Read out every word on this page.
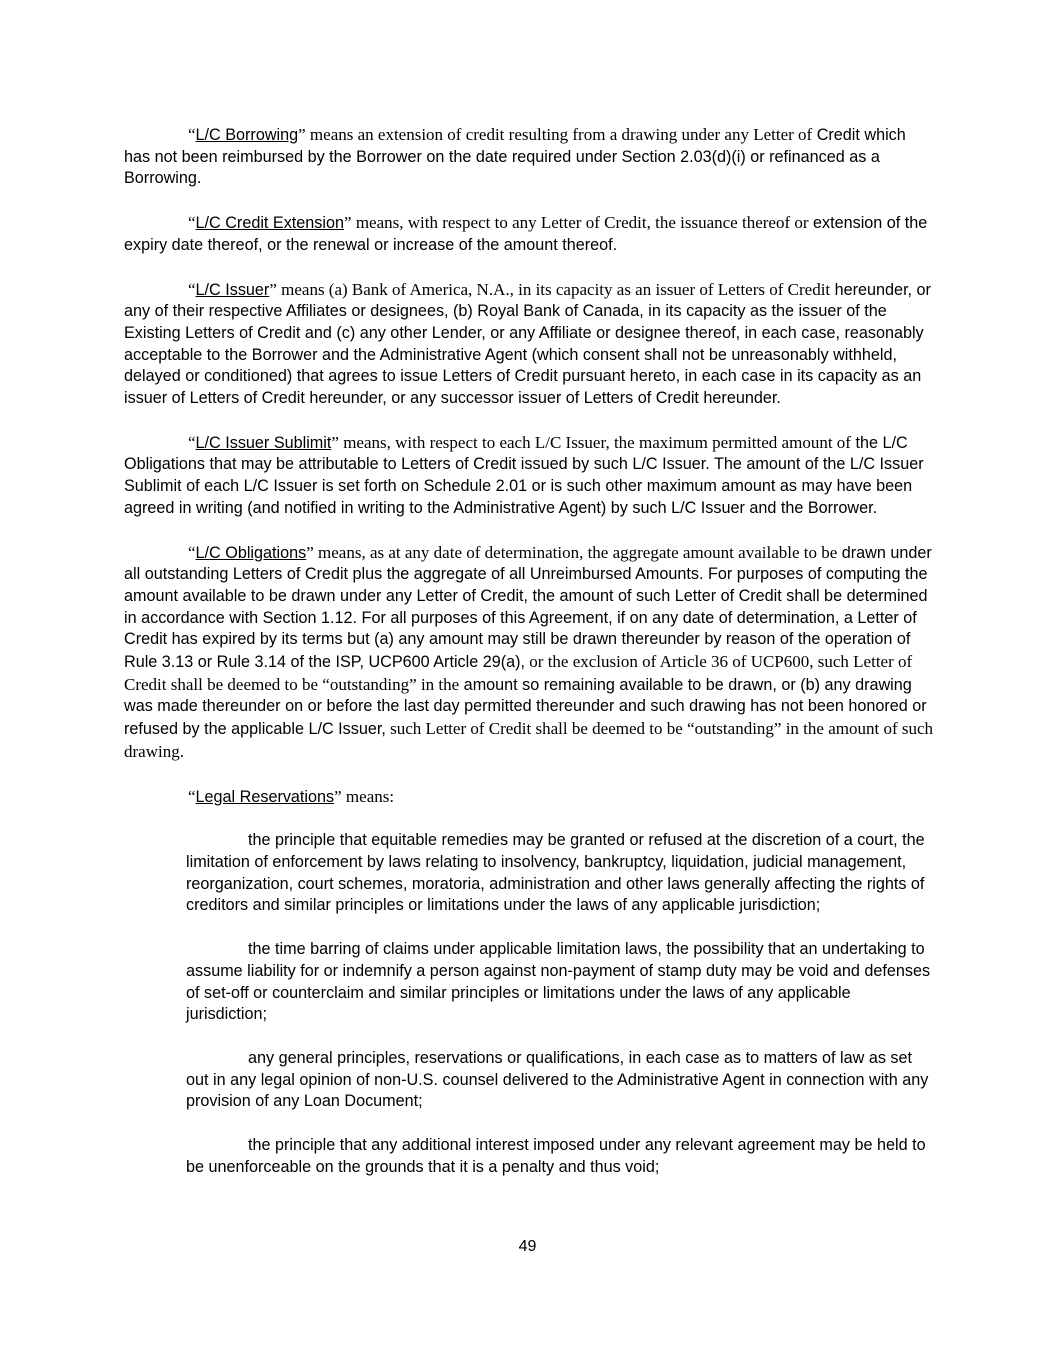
“L/C Borrowing” means an extension of credit resulting from a drawing under any Letter of Credit which has not been reimbursed by the Borrower on the date required under Section 2.03(d)(i) or refinanced as a Borrowing.

“L/C Credit Extension” means, with respect to any Letter of Credit, the issuance thereof or extension of the expiry date thereof, or the renewal or increase of the amount thereof.

“L/C Issuer” means (a) Bank of America, N.A., in its capacity as an issuer of Letters of Credit hereunder, or any of their respective Affiliates or designees, (b) Royal Bank of Canada, in its capacity as the issuer of the Existing Letters of Credit and (c) any other Lender, or any Affiliate or designee thereof, in each case, reasonably acceptable to the Borrower and the Administrative Agent (which consent shall not be unreasonably withheld, delayed or conditioned) that agrees to issue Letters of Credit pursuant hereto, in each case in its capacity as an issuer of Letters of Credit hereunder, or any successor issuer of Letters of Credit hereunder.

“L/C Issuer Sublimit” means, with respect to each L/C Issuer, the maximum permitted amount of the L/C Obligations that may be attributable to Letters of Credit issued by such L/C Issuer. The amount of the L/C Issuer Sublimit of each L/C Issuer is set forth on Schedule 2.01 or is such other maximum amount as may have been agreed in writing (and notified in writing to the Administrative Agent) by such L/C Issuer and the Borrower.

“L/C Obligations” means, as at any date of determination, the aggregate amount available to be drawn under all outstanding Letters of Credit plus the aggregate of all Unreimbursed Amounts. For purposes of computing the amount available to be drawn under any Letter of Credit, the amount of such Letter of Credit shall be determined in accordance with Section 1.12. For all purposes of this Agreement, if on any date of determination, a Letter of Credit has expired by its terms but (a) any amount may still be drawn thereunder by reason of the operation of Rule 3.13 or Rule 3.14 of the ISP, UCP600 Article 29(a), or the exclusion of Article 36 of UCP600, such Letter of Credit shall be deemed to be “outstanding” in the amount so remaining available to be drawn, or (b) any drawing was made thereunder on or before the last day permitted thereunder and such drawing has not been honored or refused by the applicable L/C Issuer, such Letter of Credit shall be deemed to be “outstanding” in the amount of such drawing.

“Legal Reservations” means:

the principle that equitable remedies may be granted or refused at the discretion of a court, the limitation of enforcement by laws relating to insolvency, bankruptcy, liquidation, judicial management, reorganization, court schemes, moratoria, administration and other laws generally affecting the rights of creditors and similar principles or limitations under the laws of any applicable jurisdiction;

the time barring of claims under applicable limitation laws, the possibility that an undertaking to assume liability for or indemnify a person against non-payment of stamp duty may be void and defenses of set-off or counterclaim and similar principles or limitations under the laws of any applicable jurisdiction;

any general principles, reservations or qualifications, in each case as to matters of law as set out in any legal opinion of non-U.S. counsel delivered to the Administrative Agent in connection with any provision of any Loan Document;

the principle that any additional interest imposed under any relevant agreement may be held to be unenforceable on the grounds that it is a penalty and thus void;

49
